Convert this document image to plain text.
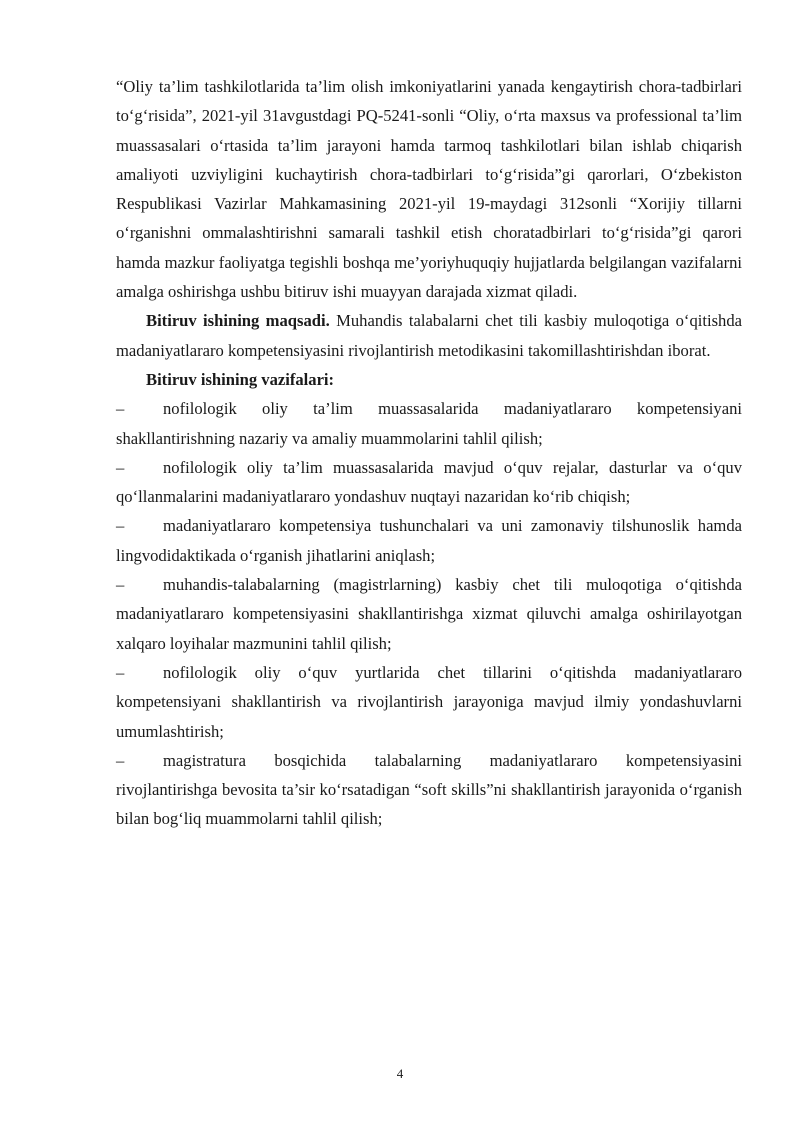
“Oliy ta’lim tashkilotlarida ta’lim olish imkoniyatlarini yanada kengaytirish chora-tadbirlari to‘g‘risida”, 2021-yil 31avgustdagi PQ-5241-sonli “Oliy, o‘rta maxsus va professional ta’lim muassasalari o‘rtasida ta’lim jarayoni hamda tarmoq tashkilotlari bilan ishlab chiqarish amaliyoti uzviyligini kuchaytirish chora-tadbirlari to‘g‘risida”gi qarorlari, O‘zbekiston Respublikasi Vazirlar Mahkamasining 2021-yil 19-maydagi 312sonli “Xorijiy tillarni o‘rganishni ommalashtirishni samarali tashkil etish choratadbirlari to‘g‘risida”gi qarori hamda mazkur faoliyatga tegishli boshqa me’yoriyhuquqiy hujjatlarda belgilangan vazifalarni amalga oshirishga ushbu bitiruv ishi muayyan darajada xizmat qiladi.

Bitiruv ishining maqsadi. Muhandis talabalarni chet tili kasbiy muloqotiga o‘qitishda madaniyatlararo kompetensiyasini rivojlantirish metodikasini takomillashtirishdan iborat.

Bitiruv ishining vazifalari:

– nofilologik oliy ta’lim muassasalarida madaniyatlararo kompetensiyani shakllantirishning nazariy va amaliy muammolarini tahlil qilish;

– nofilologik oliy ta’lim muassasalarida mavjud o‘quv rejalar, dasturlar va o‘quv qo‘llanmalarini madaniyatlararo yondashuv nuqtayi nazaridan ko‘rib chiqish;

– madaniyatlararo kompetensiya tushunchalari va uni zamonaviy tilshunoslik hamda lingvodidaktikada o‘rganish jihatlarini aniqlash;

– muhandis-talabalarning (magistrlarning) kasbiy chet tili muloqotiga o‘qitishda madaniyatlararo kompetensiyasini shakllantirishga xizmat qiluvchi amalga oshirilayotgan xalqaro loyihalar mazmunini tahlil qilish;

– nofilologik oliy o‘quv yurtlarida chet tillarini o‘qitishda madaniyatlararo kompetensiyani shakllantirish va rivojlantirish jarayoniga mavjud ilmiy yondashuvlarni umumlashtirish;

– magistratura bosqichida talabalarning madaniyatlararo kompetensiyasini rivojlantirishga bevosita ta’sir ko‘rsatadigan “soft skills”ni shakllantirish jarayonida o‘rganish bilan bog‘liq muammolarni tahlil qilish;

4
